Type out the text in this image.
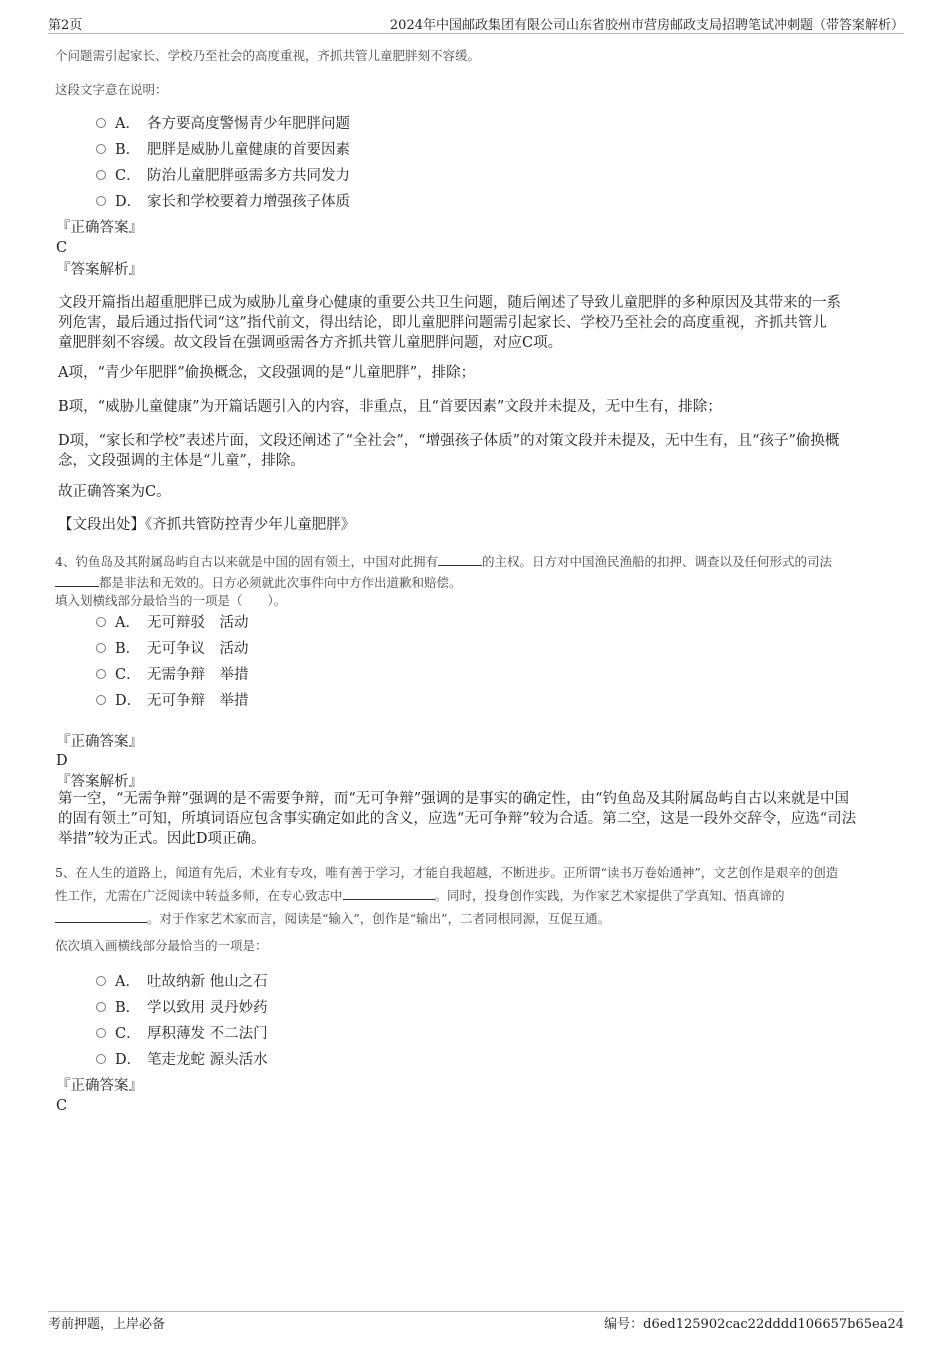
第2页	2024年中国邮政集团有限公司山东省胶州市营房邮政支局招聘笔试冲刺题（带答案解析）
个问题需引起家长、学校乃至社会的高度重视，齐抓共管儿童肥胖刻不容缓。
这段文字意在说明：
A． 各方要高度警惕青少年肥胖问题
B． 肥胖是威胁儿童健康的首要因素
C． 防治儿童肥胖亟需多方共同发力
D． 家长和学校要着力增强孩子体质
『正确答案』
C
『答案解析』
文段开篇指出超重肥胖已成为威胁儿童身心健康的重要公共卫生问题，随后阐述了导致儿童肥胖的多种原因及其带来的一系
列危害，最后通过指代词“这”指代前文，得出结论，即儿童肥胖问题需引起家长、学校乃至社会的高度重视，齐抓共管儿
童肥胖刻不容缓。故文段旨在强调亟需各方齐抓共管儿童肥胖问题，对应C项。
A项，“青少年肥胖”偷换概念，文段强调的是“儿童肥胖”，排除；
B项，“威胁儿童健康”为开篇话题引入的内容，非重点，且“首要因素”文段并未提及，无中生有，排除；
D项，“家长和学校”表述片面，文段还阐述了“全社会”，“增强孩子体质”的对策文段并未提及，无中生有，且“孩子”偷换概
念，文段强调的主体是“儿童”，排除。
故正确答案为C。
【文段出处】《齐抓共管防控青少年儿童肥胖》
4、钓鱼岛及其附属岛屿自古以来就是中国的固有领土，中国对此拥有	的主权。日方对中国渔民渔船的扣押、调查以及任何形式的司法
都是非法和无效的。日方必须就此次事件向中方作出道歉和赔偿。
填入划横线部分最恰当的一项是（　　）。
A． 无可辩驳　活动
B． 无可争议　活动
C． 无需争辩　举措
D． 无可争辩　举措
『正确答案』
D
『答案解析』
第一空，“无需争辩”强调的是不需要争辩，而“无可争辩”强调的是事实的确定性，由“钓鱼岛及其附属岛屿自古以来就是中国
的固有领土”可知，所填词语应包含事实确定如此的含义，应选“无可争辩”较为合适。第二空，这是一段外交辞令，应选“司法
举措”较为正式。因此D项正确。
5、在人生的道路上，闻道有先后，术业有专攻，唯有善于学习，才能自我超越，不断进步。正所谓“读书万卷始通神”，文艺创作是艰辛的创造
性工作，尤需在广泛阅读中转益多师，在专心致志中	。同时，投身创作实践，为作家艺术家提供了学真知、悟真谛的
。对于作家艺术家而言，阅读是“输入”，创作是“输出”，二者同根同源，互促互通。
依次填入画横线部分最恰当的一项是：
A． 吐故纳新 他山之石
B． 学以致用 灵丹妙药
C． 厚积薄发 不二法门
D． 笔走龙蛇 源头活水
『正确答案』
C
考前押题，上岸必备	编号：d6ed125902cac22dddd106657b65ea24
